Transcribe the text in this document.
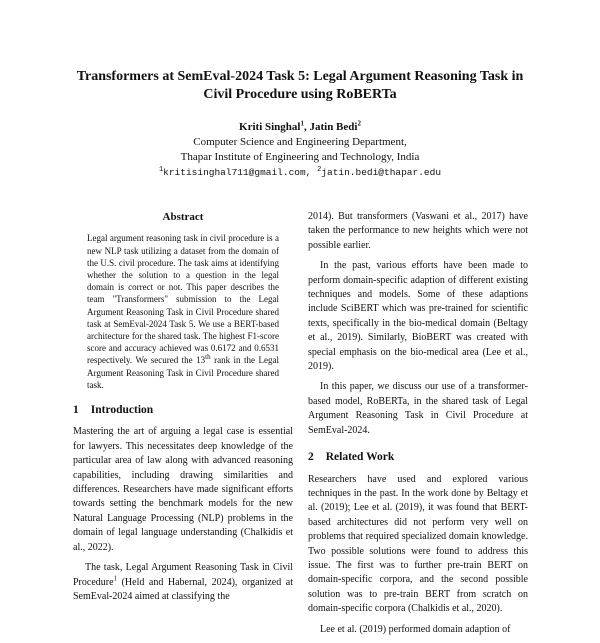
Transformers at SemEval-2024 Task 5: Legal Argument Reasoning Task in
Civil Procedure using RoBERTa
Kriti Singhal$^1$, Jatin Bedi$^2$
Computer Science and Engineering Department,
Thapar Institute of Engineering and Technology, India
$^1$kritisinghal711@gmail.com, $^2$jatin.bedi@thapar.edu
Abstract
Legal argument reasoning task in civil procedure is a new NLP task utilizing a dataset from the domain of the U.S. civil procedure. The task aims at identifying whether the solution to a question in the legal domain is correct or not. This paper describes the team "Transformers" submission to the Legal Argument Reasoning Task in Civil Procedure shared task at SemEval-2024 Task 5. We use a BERT-based architecture for the shared task. The highest F1-score score and accuracy achieved was 0.6172 and 0.6531 respectively. We secured the 13th rank in the Legal Argument Reasoning Task in Civil Procedure shared task.
1 Introduction

Mastering the art of arguing a legal case is essential for lawyers. This necessitates deep knowledge of the particular area of law along with advanced reasoning capabilities, including drawing similarities and differences. Researchers have made significant efforts towards setting the benchmark models for the new Natural Language Processing (NLP) problems in the domain of legal language understanding (Chalkidis et al., 2022).

The task, Legal Argument Reasoning Task in Civil Procedure$^1$ (Held and Habernal, 2024), organized at SemEval-2024 aimed at classifying the

2014). But transformers (Vaswani et al., 2017) have taken the performance to new heights which were not possible earlier.

In the past, various efforts have been made to perform domain-specific adaption of different existing techniques and models. Some of these adaptions include SciBERT which was pre-trained for scientific texts, specifically in the bio-medical domain (Beltagy et al., 2019). Similarly, BioBERT was created with special emphasis on the bio-medical area (Lee et al., 2019).

In this paper, we discuss our use of a transformer-based model, RoBERTa, in the shared task of Legal Argument Reasoning Task in Civil Procedure at SemEval-2024.

2 Related Work

Researchers have used and explored various techniques in the past. In the work done by Beltagy et al. (2019); Lee et al. (2019), it was found that BERT-based architectures did not perform very well on problems that required specialized domain knowledge. Two possible solutions were found to address this issue. The first was to further pre-train BERT on domain-specific corpora, and the second possible solution was to pre-train BERT from scratch on domain-specific corpora (Chalkidis et al., 2020).

Lee et al. (2019) performed domain adaption of
